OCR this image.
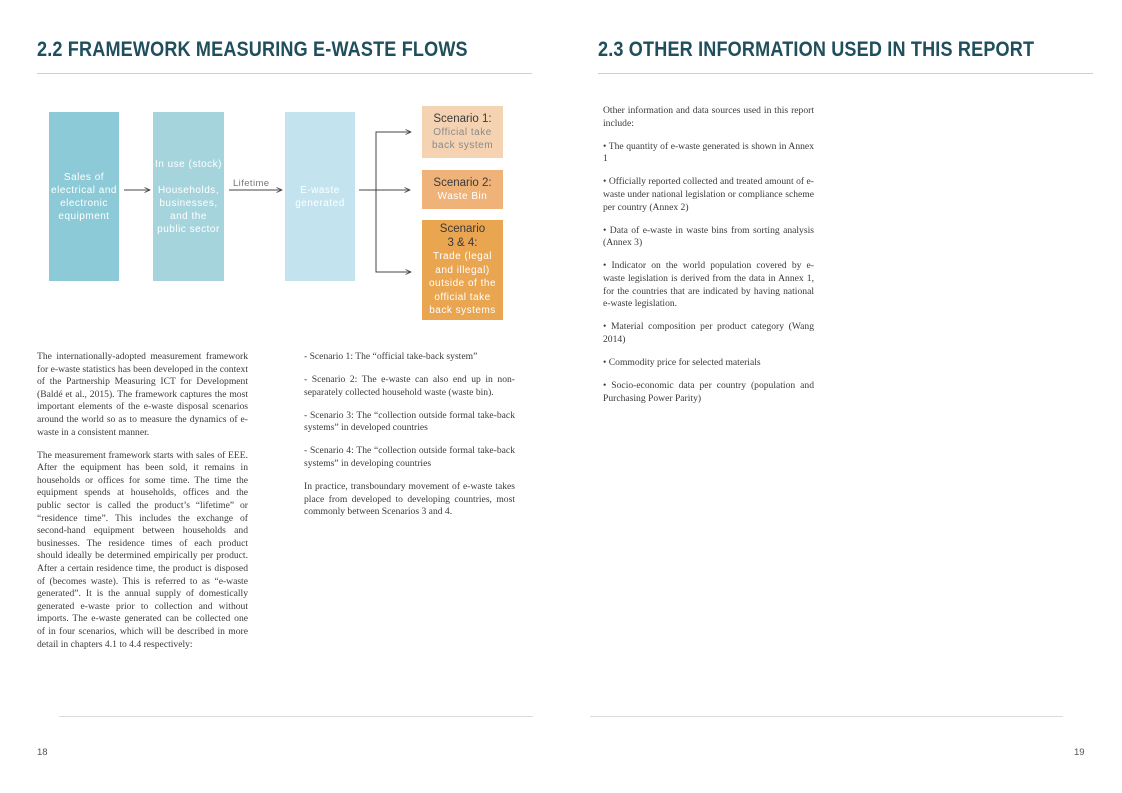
2.2 FRAMEWORK MEASURING E-WASTE FLOWS	2.3 OTHER INFORMATION USED IN THIS REPORT
Sales of
electrical and
electronic
equipment
In use (stock)
Households,
businesses,
and the
public sector
Lifetime
E-waste
generated
Scenario 1:
Official take
back system
Scenario 2:
Waste Bin
Scenario
3 & 4:
Trade (legal
and illegal)
outside of the
official take
back systems

The internationally-adopted measurement framework for e-waste statistics has been developed in the context of the Partnership Measuring ICT for Development (Baldé et al., 2015). The framework captures the most important elements of the e-waste disposal scenarios around the world so as to measure the dynamics of e-waste in a consistent manner.

The measurement framework starts with sales of EEE. After the equipment has been sold, it remains in households or offices for some time. The time the equipment spends at households, offices and the public sector is called the product’s “lifetime” or “residence time”. This includes the exchange of second-hand equipment between households and businesses. The residence times of each product should ideally be determined empirically per product. After a certain residence time, the product is disposed of (becomes waste). This is referred to as “e-waste generated”. It is the annual supply of domestically generated e-waste prior to collection and without imports. The e-waste generated can be collected one of in four scenarios, which will be described in more detail in chapters 4.1 to 4.4 respectively:

- Scenario 1: The “official take-back system”

- Scenario 2: The e-waste can also end up in non-separately collected household waste (waste bin).

- Scenario 3: The “collection outside formal take-back systems” in developed countries

- Scenario 4: The “collection outside formal take-back systems” in developing countries

In practice, transboundary movement of e-waste takes place from developed to developing countries, most commonly between Scenarios 3 and 4.

Other information and data sources used in this report include:

• The quantity of e-waste generated is shown in Annex 1

• Officially reported collected and treated amount of e-waste under national legislation or compliance scheme per country (Annex 2)

• Data of e-waste in waste bins from sorting analysis (Annex 3)

• Indicator on the world population covered by e-waste legislation is derived from the data in Annex 1, for the countries that are indicated by having national e-waste legislation.

• Material composition per product category (Wang 2014)

• Commodity price for selected materials

• Socio-economic data per country (population and Purchasing Power Parity)

18	19
